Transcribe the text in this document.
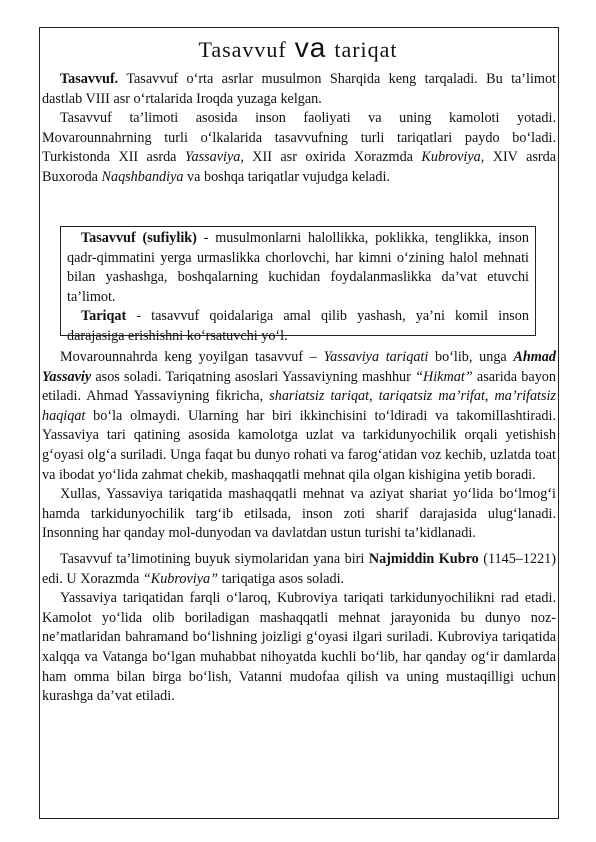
Tasavvuf va tariqat

Tasavvuf. Tasavvuf o‘rta asrlar musulmon Sharqida keng tarqaladi. Bu ta’limot dastlab VIII asr o‘rtalarida Iroqda yuzaga kelgan.

Tasavvuf ta’limoti asosida inson faoliyati va uning kamoloti yotadi. Movarounnahrning turli o‘lkalarida tasavvufning turli tariqatlari paydo bo‘ladi. Turkistonda XII asrda Yassaviya, XII asr oxirida Xorazmda Kubroviya, XIV asrda Buxoroda Naqshbandiya va boshqa tariqatlar vujudga keladi.

Tasavvuf (sufiylik) - musulmonlarni halollikka, poklikka, tenglikka, inson qadr-qimmatini yerga urmaslikka chorlovchi, har kimni o‘zining halol mehnati bilan yashashga, boshqalarning kuchidan foydalanmaslikka da’vat etuvchi ta’limot.

Tariqat - tasavvuf qoidalariga amal qilib yashash, ya’ni komil inson darajasiga erishishni ko‘rsatuvchi yo‘l.

Movarounnahrda keng yoyilgan tasavvuf – Yassaviya tariqati bo‘lib, unga Ahmad Yassaviy asos soladi. Tariqatning asoslari Yassaviyning mashhur “Hikmat” asarida bayon etiladi. Ahmad Yassaviyning fikricha, shariatsiz tariqat, tariqatsiz ma’rifat, ma’rifatsiz haqiqat bo‘la olmaydi. Ularning har biri ikkinchisini to‘ldiradi va takomillashtiradi. Yassaviya tari qatining asosida kamolotga uzlat va tarkidunyochilik orqali yetishish g‘oyasi olg‘a suriladi. Unga faqat bu dunyo rohati va farog‘atidan voz kechib, uzlatda toat va ibodat yo‘lida zahmat chekib, mashaqqatli mehnat qila olgan kishigina yetib boradi.

Xullas, Yassaviya tariqatida mashaqqatli mehnat va aziyat shariat yo‘lida bo‘lmog‘i hamda tarkidunyochilik targ‘ib etilsada, inson zoti sharif darajasida ulug‘lanadi. Insonning har qanday mol-dunyodan va davlatdan ustun turishi ta’kidlanadi.

Tasavvuf ta’limotining buyuk siymolaridan yana biri Najmiddin Kubro (1145–1221) edi. U Xorazmda “Kubroviya” tariqatiga asos soladi.

Yassaviya tariqatidan farqli o‘laroq, Kubroviya tariqati tarkidunyochilikni rad etadi. Kamolot yo‘lida olib boriladigan mashaqqatli mehnat jarayonida bu dunyo noz-ne’matlaridan bahramand bo‘lishning joizligi g‘oyasi ilgari suriladi. Kubroviya tariqatida xalqqa va Vatanga bo‘lgan muhabbat nihoyatda kuchli bo‘lib, har qanday og‘ir damlarda ham omma bilan birga bo‘lish, Vatanni mudofaa qilish va uning mustaqilligi uchun kurashga da’vat etiladi.
